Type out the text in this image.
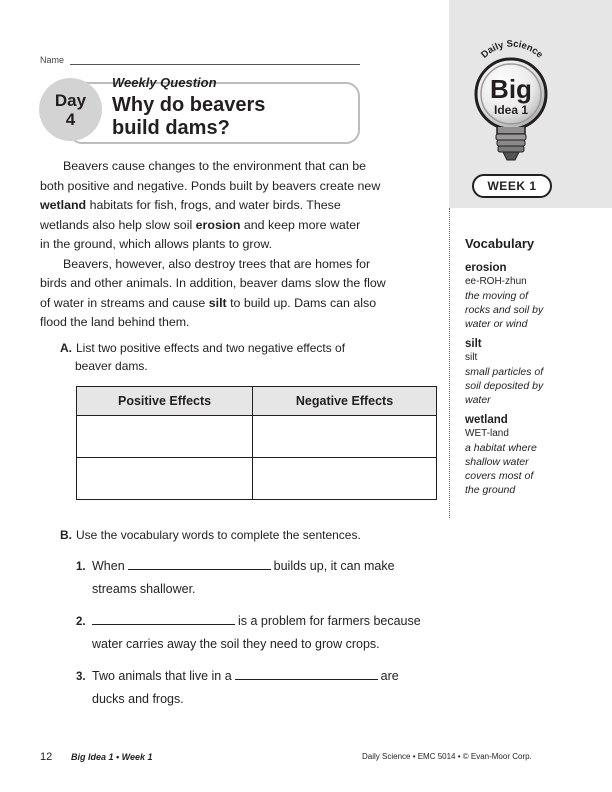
Name
Day
4
Weekly Question
Why do beavers
build dams?
Daily Science
Big
Idea 1
WEEK 1

Beavers cause changes to the environment that can be
both positive and negative. Ponds built by beavers create new
wetland habitats for fish, frogs, and water birds. These
wetlands also help slow soil erosion and keep more water
in the ground, which allows plants to grow.

Beavers, however, also destroy trees that are homes for
birds and other animals. In addition, beaver dams slow the flow
of water in streams and cause silt to build up. Dams can also
flood the land behind them.

A. List two positive effects and two negative effects of
beaver dams.
Positive Effects	Negative Effects

B. Use the vocabulary words to complete the sentences.
1. When	builds up, it can make
streams shallower.
2.	is a problem for farmers because
water carries away the soil they need to grow crops.
3. Two animals that live in a	are
ducks and frogs.
Vocabulary
erosion
ee-ROH-zhun
the moving of
rocks and soil by
water or wind
silt
silt
small particles of
soil deposited by
water
wetland
WET-land
a habitat where
shallow water
covers most of
the ground
12 Big Idea 1 • Week 1	Daily Science • EMC 5014 • © Evan-Moor Corp.
